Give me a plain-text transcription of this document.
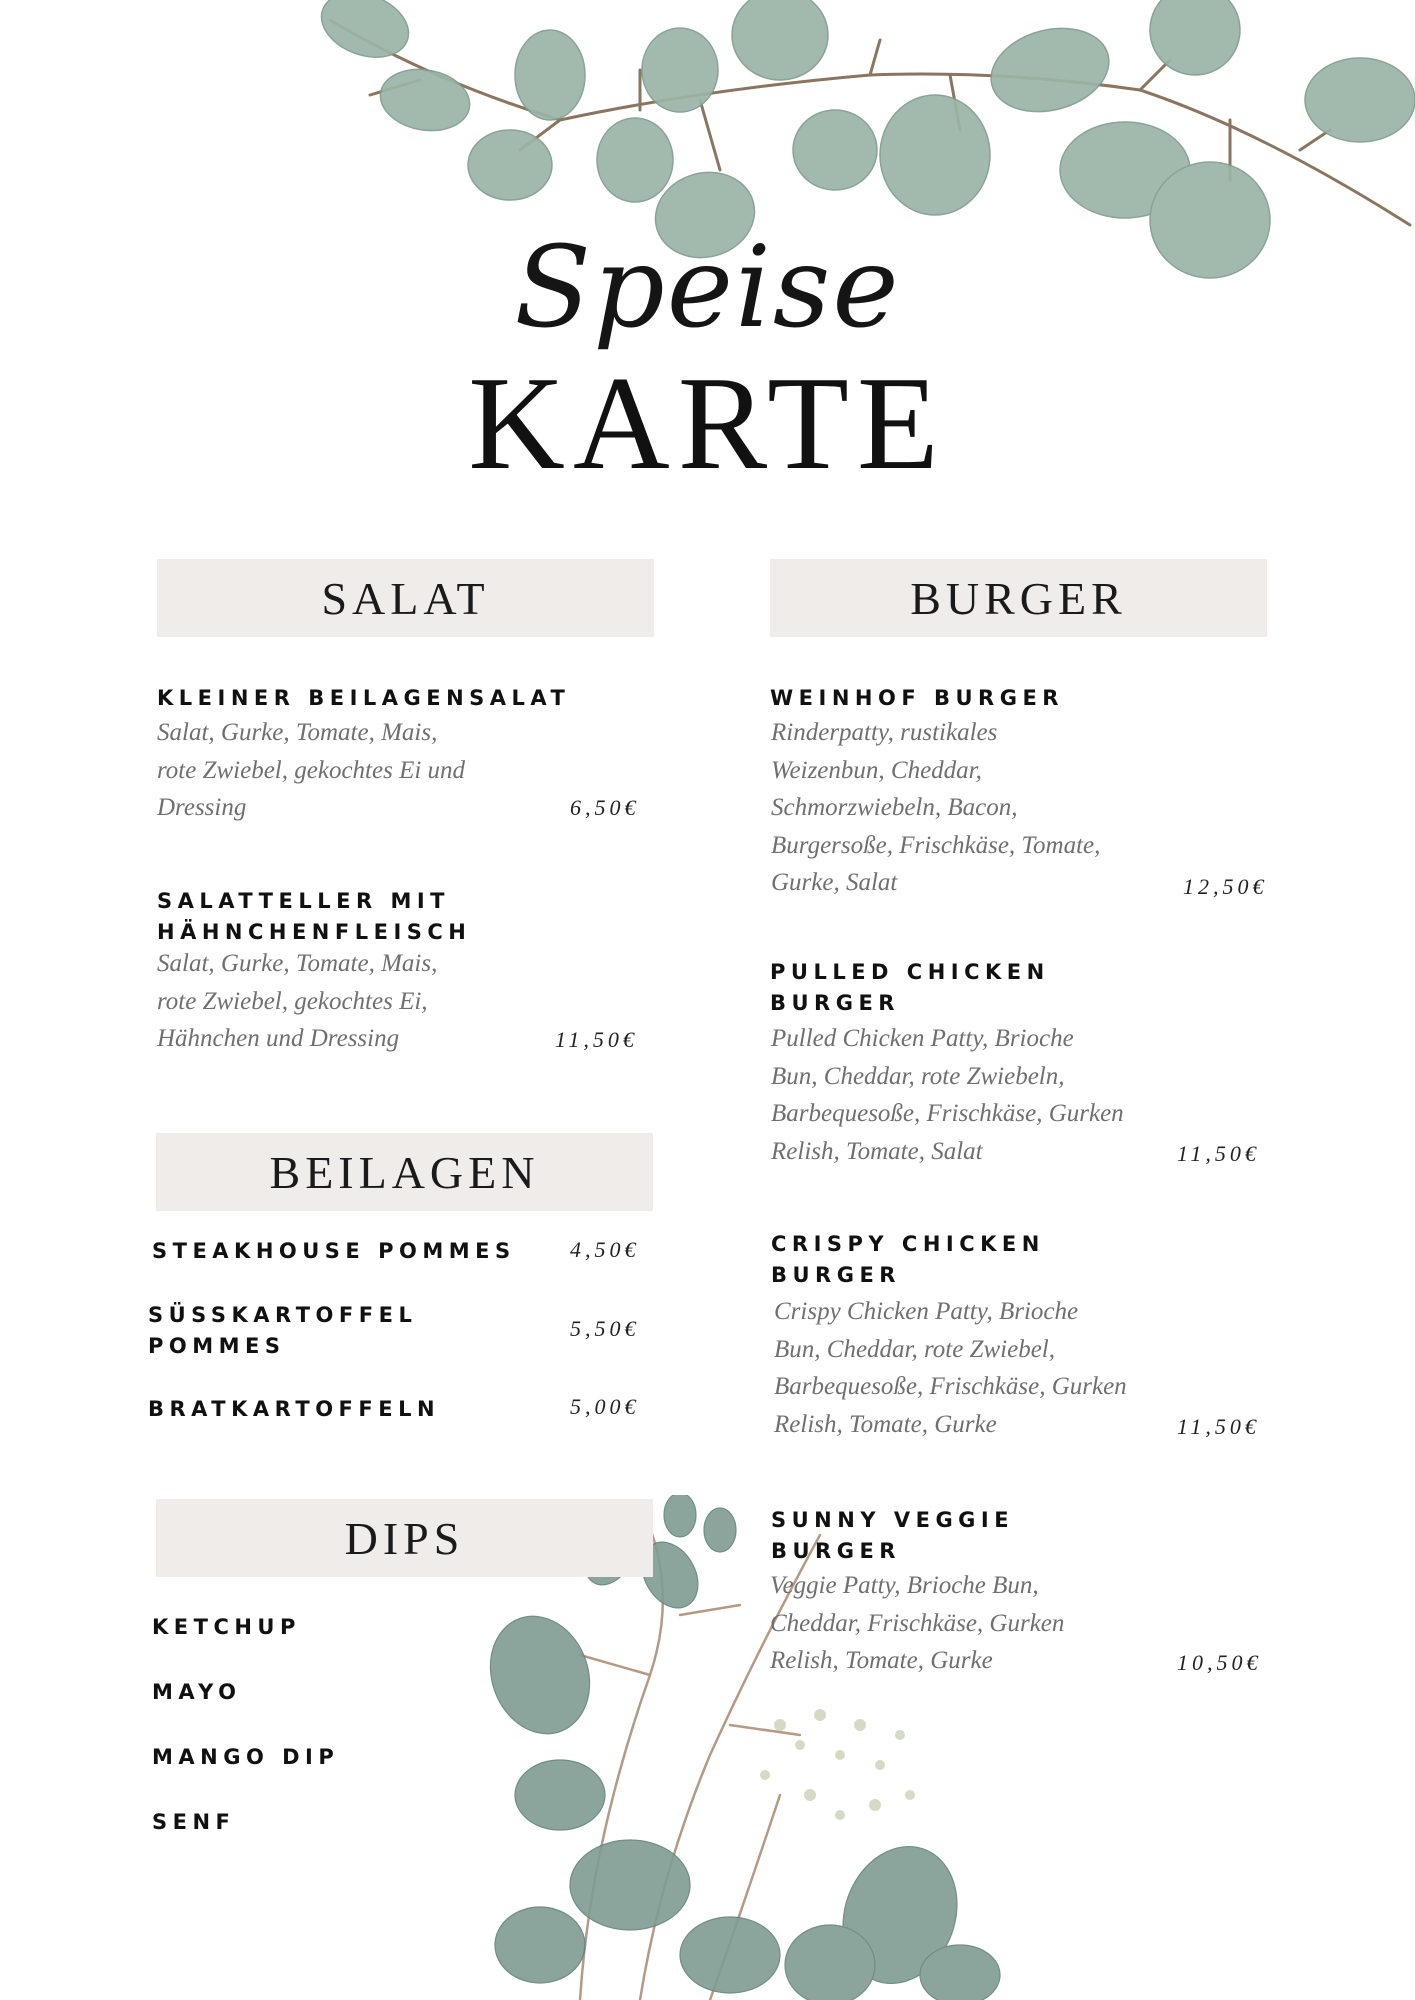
Speise
KARTE
SALAT
KLEINER BEILAGENSALAT
Salat, Gurke, Tomate, Mais,
rote Zwiebel, gekochtes Ei und
Dressing	6,50€
SALATTELLER MIT
HÄHNCHENFLEISCH
Salat, Gurke, Tomate, Mais,
rote Zwiebel, gekochtes Ei,
Hähnchen und Dressing	11,50€
BEILAGEN
STEAKHOUSE POMMES 4,50€
SÜSSKARTOFFEL
POMMES
5,50€
BRATKARTOFFELN	5,00€
DIPS
KETCHUP
MAYO
MANGO DIP
SENF
BURGER
WEINHOF BURGER
Rinderpatty, rustikales
Weizenbun, Cheddar,
Schmorzwiebeln, Bacon,
Burgersoße, Frischkäse, Tomate,
Gurke, Salat	12,50€
PULLED CHICKEN
BURGER
Pulled Chicken Patty, Brioche
Bun, Cheddar, rote Zwiebeln,
Barbequesoße, Frischkäse, Gurken
Relish, Tomate, Salat	11,50€
CRISPY CHICKEN
BURGER
Crispy Chicken Patty, Brioche
Bun, Cheddar, rote Zwiebel,
Barbequesoße, Frischkäse, Gurken
Relish, Tomate, Gurke	11,50€
SUNNY VEGGIE
BURGER
Veggie Patty, Brioche Bun,
Cheddar, Frischkäse, Gurken
Relish, Tomate, Gurke	10,50€
